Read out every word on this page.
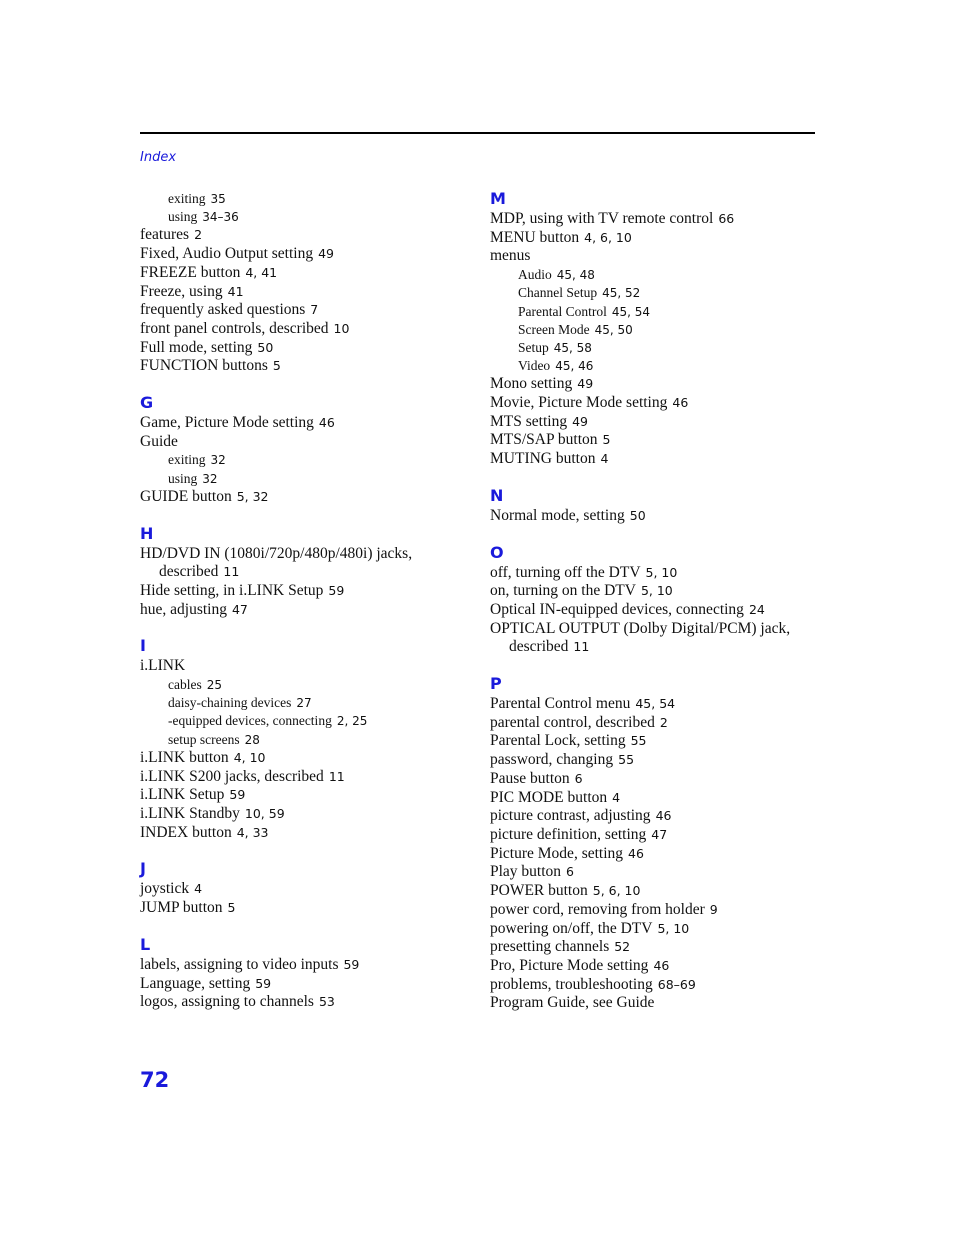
Index
exiting 35
using 34–36
features 2
Fixed, Audio Output setting 49
FREEZE button 4, 41
Freeze, using 41
frequently asked questions 7
front panel controls, described 10
Full mode, setting 50
FUNCTION buttons 5
G
Game, Picture Mode setting 46
Guide
exiting 32
using 32
GUIDE button 5, 32
H
HD/DVD IN (1080i/720p/480p/480i) jacks, described 11
Hide setting, in i.LINK Setup 59
hue, adjusting 47
I
i.LINK
cables 25
daisy-chaining devices 27
-equipped devices, connecting 2, 25
setup screens 28
i.LINK button 4, 10
i.LINK S200 jacks, described 11
i.LINK Setup 59
i.LINK Standby 10, 59
INDEX button 4, 33
J
joystick 4
JUMP button 5
L
labels, assigning to video inputs 59
Language, setting 59
logos, assigning to channels 53
M
MDP, using with TV remote control 66
MENU button 4, 6, 10
menus
Audio 45, 48
Channel Setup 45, 52
Parental Control 45, 54
Screen Mode 45, 50
Setup 45, 58
Video 45, 46
Mono setting 49
Movie, Picture Mode setting 46
MTS setting 49
MTS/SAP button 5
MUTING button 4
N
Normal mode, setting 50
O
off, turning off the DTV 5, 10
on, turning on the DTV 5, 10
Optical IN-equipped devices, connecting 24
OPTICAL OUTPUT (Dolby Digital/PCM) jack, described 11
P
Parental Control menu 45, 54
parental control, described 2
Parental Lock, setting 55
password, changing 55
Pause button 6
PIC MODE button 4
picture contrast, adjusting 46
picture definition, setting 47
Picture Mode, setting 46
Play button 6
POWER button 5, 6, 10
power cord, removing from holder 9
powering on/off, the DTV 5, 10
presetting channels 52
Pro, Picture Mode setting 46
problems, troubleshooting 68–69
Program Guide, see Guide
72
